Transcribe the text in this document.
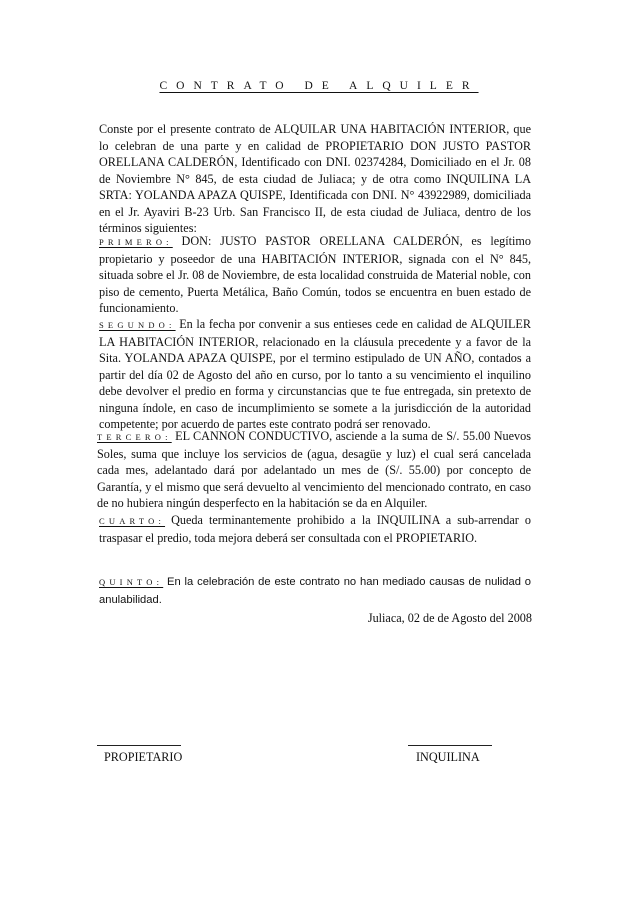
CONTRATO DE ALQUILER

Conste por el presente contrato de ALQUILAR UNA HABITACIÓN INTERIOR, que lo celebran de una parte y en calidad de PROPIETARIO DON JUSTO PASTOR ORELLANA CALDERÓN, Identificado con DNI. 02374284, Domiciliado en el Jr. 08 de Noviembre N° 845, de esta ciudad de Juliaca; y de otra como INQUILINA LA SRTA: YOLANDA APAZA QUISPE, Identificada con DNI. N° 43922989, domiciliada en el Jr. Ayaviri B-23 Urb. San Francisco II, de esta ciudad de Juliaca, dentro de los términos siguientes:

PRIMERO: DON: JUSTO PASTOR ORELLANA CALDERÓN, es legítimo propietario y poseedor de una HABITACIÓN INTERIOR, signada con el N° 845, situada sobre el Jr. 08 de Noviembre, de esta localidad construida de Material noble, con piso de cemento, Puerta Metálica, Baño Común, todos se encuentra en buen estado de funcionamiento.

SEGUNDO: En la fecha por convenir a sus entieses cede en calidad de ALQUILER LA HABITACIÓN INTERIOR, relacionado en la cláusula precedente y a favor de la Sita. YOLANDA APAZA QUISPE, por el termino estipulado de UN AÑO, contados a partir del día 02 de Agosto del año en curso, por lo tanto a su vencimiento el inquilino debe devolver el predio en forma y circunstancias que te fue entregada, sin pretexto de ninguna índole, en caso de incumplimiento se somete a la jurisdicción de la autoridad competente; por acuerdo de partes este contrato podrá ser renovado.

TERCERO: EL CANNON CONDUCTIVO, asciende a la suma de S/. 55.00 Nuevos Soles, suma que incluye los servicios de (agua, desagüe y luz) el cual será cancelada cada mes, adelantado dará por adelantado un mes de (S/. 55.00) por concepto de Garantía, y el mismo que será devuelto al vencimiento del mencionado contrato, en caso de no hubiera ningún desperfecto en la habitación se da en Alquiler.

CUARTO: Queda terminantemente prohibido a la INQUILINA a sub-arrendar o traspasar el predio, toda mejora deberá ser consultada con el PROPIETARIO.

QUINTO: En la celebración de este contrato no han mediado causas de nulidad o anulabilidad.

Juliaca, 02 de de Agosto del 2008
PROPIETARIO	INQUILINA
